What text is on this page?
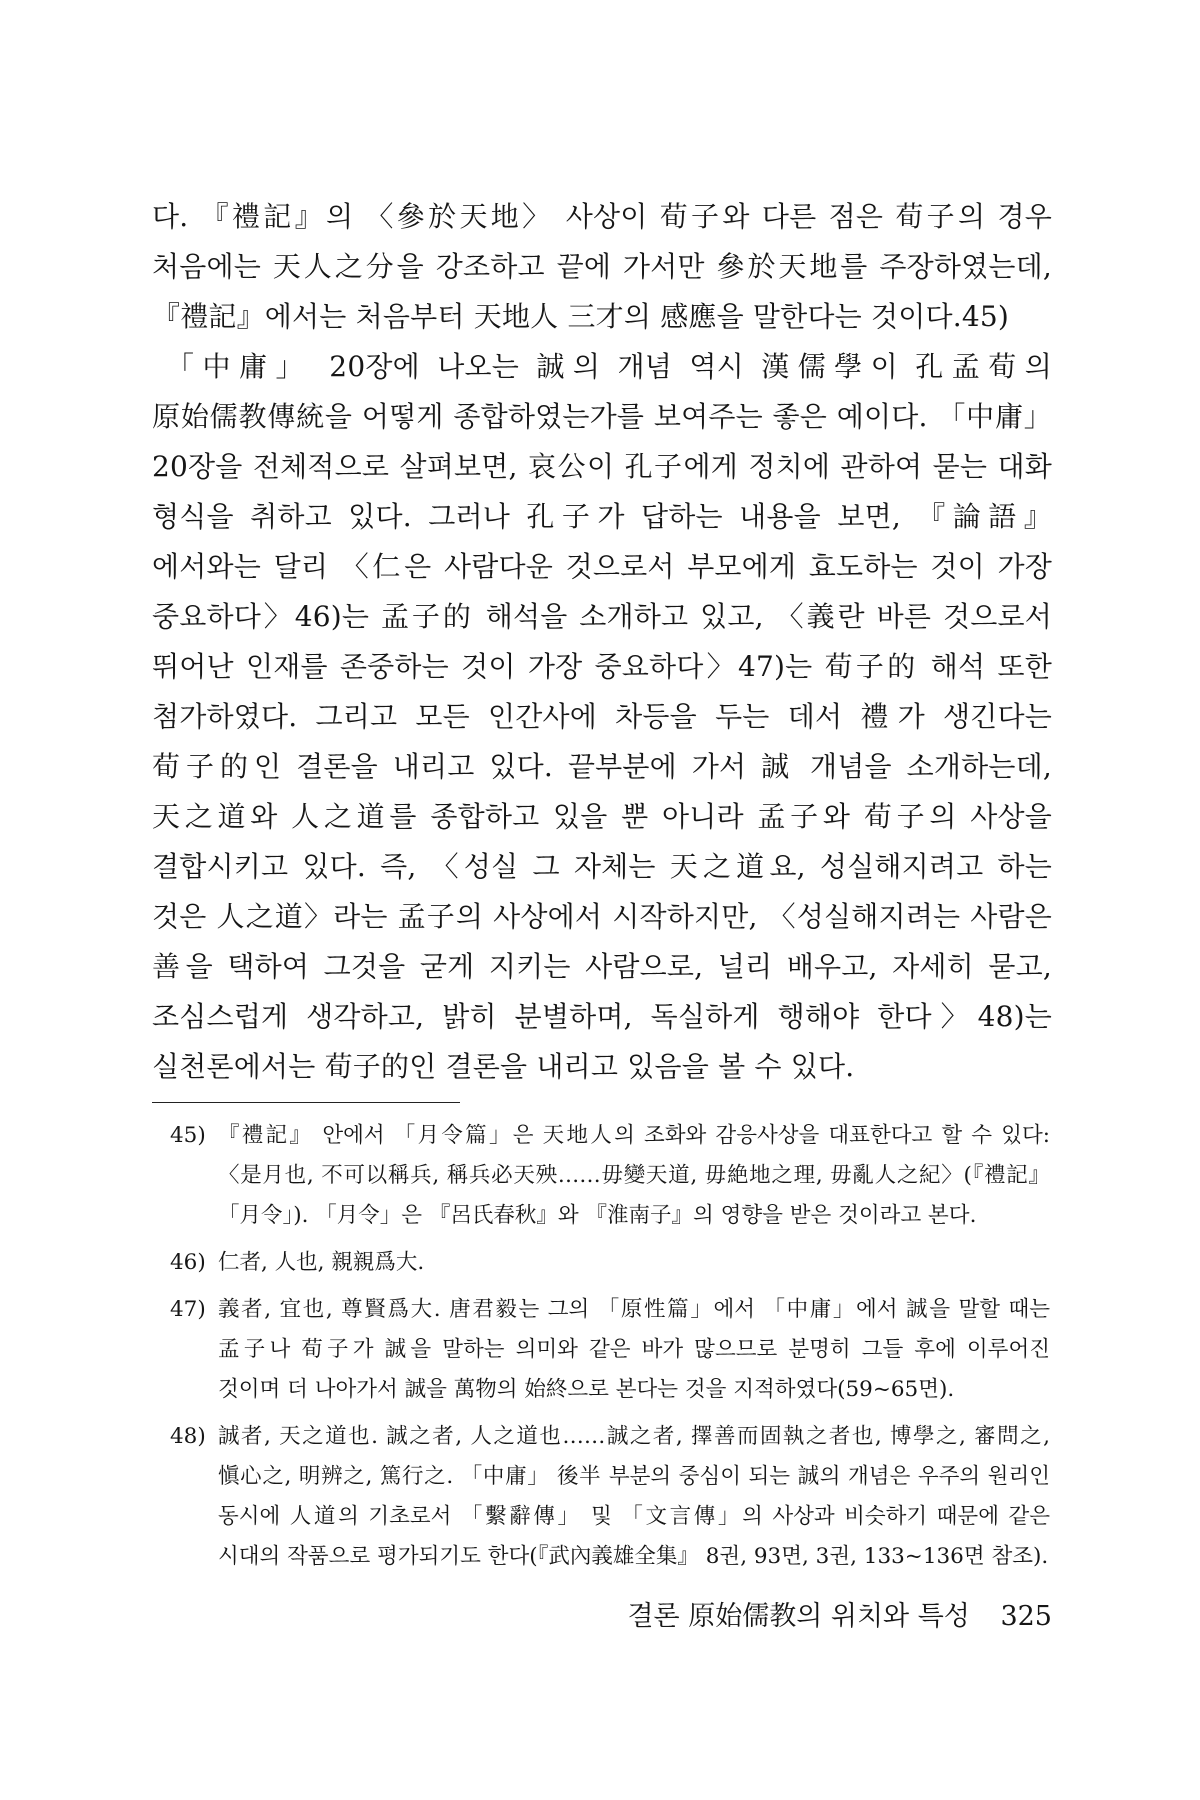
다. 『禮記』의 〈參於天地〉 사상이 荀子와 다른 점은 荀子의 경우 처음에는 天人之分을 강조하고 끝에 가서만 參於天地를 주장하였는데, 『禮記』에서는 처음부터 天地人 三才의 感應을 말한다는 것이다.45)

「中庸」 20장에 나오는 誠의 개념 역시 漢儒學이 孔孟荀의 原始儒教傳統을 어떻게 종합하였는가를 보여주는 좋은 예이다. 「中庸」 20장을 전체적으로 살펴보면, 哀公이 孔子에게 정치에 관하여 묻는 대화 형식을 취하고 있다. 그러나 孔子가 답하는 내용을 보면, 『論語』에서와는 달리 〈仁은 사람다운 것으로서 부모에게 효도하는 것이 가장 중요하다〉46)는 孟子的 해석을 소개하고 있고, 〈義란 바른 것으로서 뛰어난 인재를 존중하는 것이 가장 중요하다〉47)는 荀子的 해석 또한 첨가하였다. 그리고 모든 인간사에 차등을 두는 데서 禮가 생긴다는 荀子的인 결론을 내리고 있다. 끝부분에 가서 誠 개념을 소개하는데, 天之道와 人之道를 종합하고 있을 뿐 아니라 孟子와 荀子의 사상을 결합시키고 있다. 즉, 〈성실 그 자체는 天之道요, 성실해지려고 하는 것은 人之道〉라는 孟子의 사상에서 시작하지만, 〈성실해지려는 사람은 善을 택하여 그것을 굳게 지키는 사람으로, 널리 배우고, 자세히 묻고, 조심스럽게 생각하고, 밝히 분별하며, 독실하게 행해야 한다〉48)는 실천론에서는 荀子的인 결론을 내리고 있음을 볼 수 있다.

45) 『禮記』 안에서 「月令篇」은 天地人의 조화와 감응사상을 대표한다고 할 수 있다: 〈是月也, 不可以稱兵, 稱兵必天殃……毋變天道, 毋絶地之理, 毋亂人之紀〉(『禮記』 「月令」). 「月令」은 『呂氏春秋』와 『淮南子』의 영향을 받은 것이라고 본다.
46) 仁者, 人也, 親親爲大.
47) 義者, 宜也, 尊賢爲大. 唐君毅는 그의 「原性篇」에서 「中庸」에서 誠을 말할 때는 孟子나 荀子가 誠을 말하는 의미와 같은 바가 많으므로 분명히 그들 후에 이루어진 것이며 더 나아가서 誠을 萬物의 始終으로 본다는 것을 지적하였다(59~65면).
48) 誠者, 天之道也. 誠之者, 人之道也……誠之者, 擇善而固執之者也, 博學之, 審問之, 愼心之, 明辨之, 篤行之. 「中庸」 後半 부분의 중심이 되는 誠의 개념은 우주의 원리인 동시에 人道의 기초로서 「繫辭傳」 및 「文言傳」의 사상과 비슷하기 때문에 같은 시대의 작품으로 평가되기도 한다(『武內義雄全集』 8권, 93면, 3권, 133~136면 참조).
결론 原始儒教의 위치와 특성 325
